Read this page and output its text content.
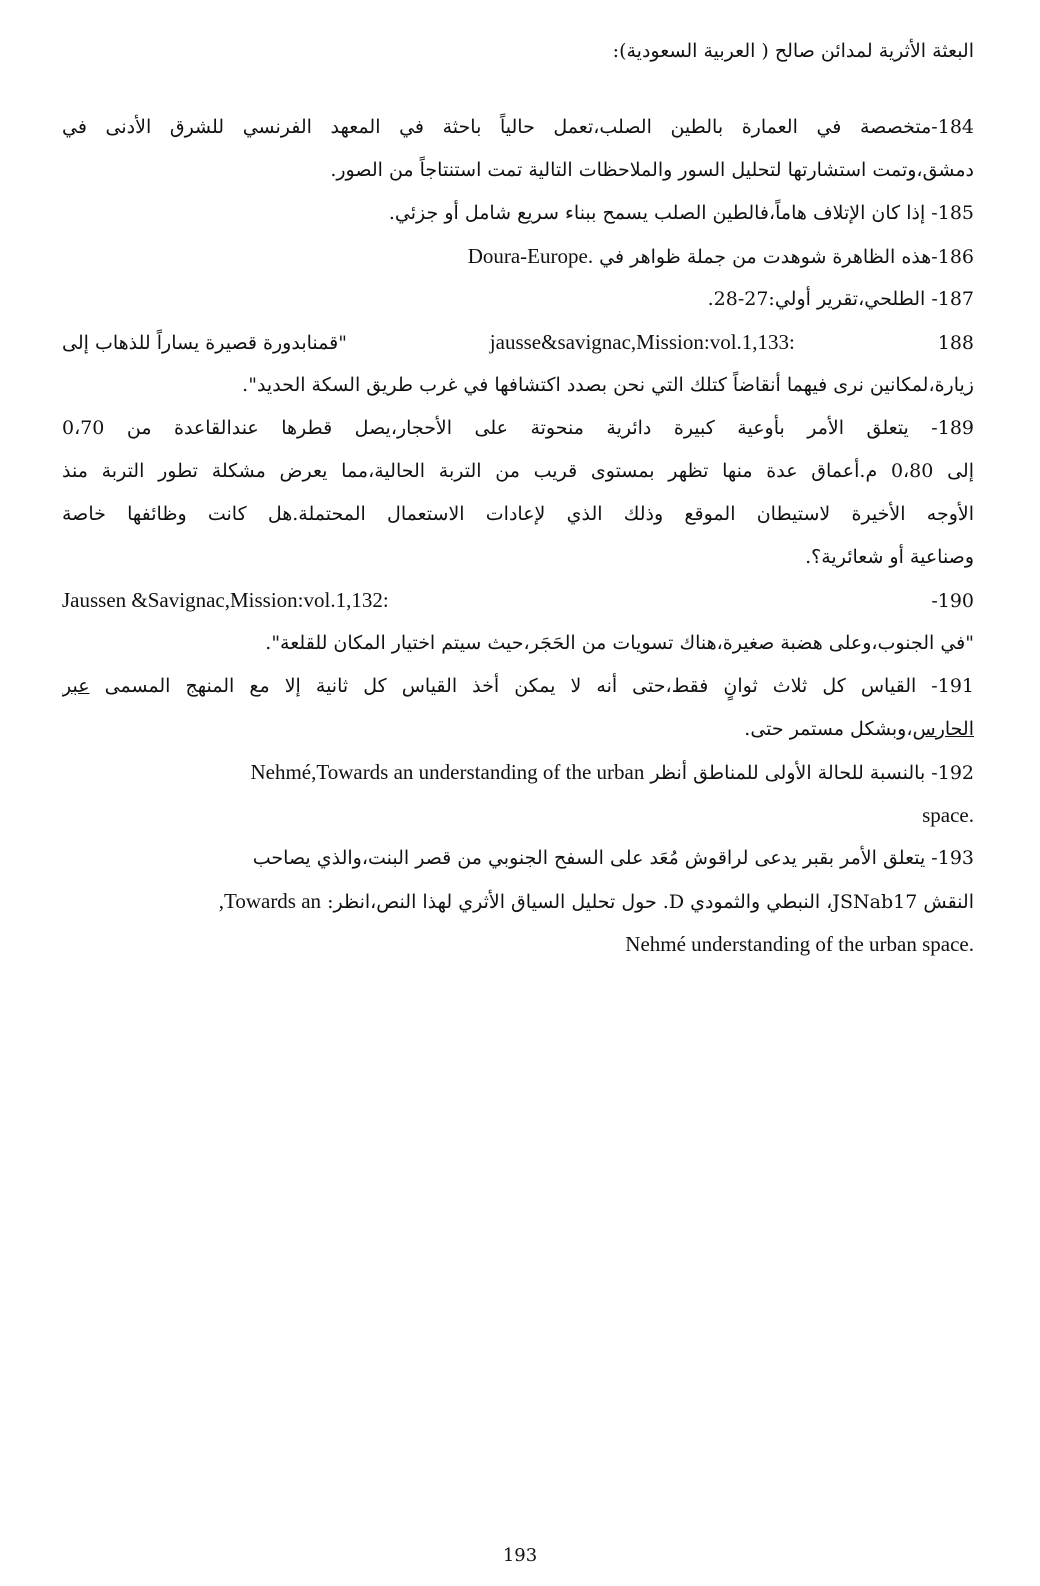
البعثة الأثرية لمدائن صالح ( العربية السعودية):
184-متخصصة في العمارة بالطين الصلب،تعمل حالياً باحثة في المعهد الفرنسي للشرق الأدنى في
دمشق،وتمت استشارتها لتحليل السور والملاحظات التالية تمت استنتاجاً من الصور.
185- إذا كان الإتلاف هاماً،فالطين الصلب يسمح ببناء سريع شامل أو جزئي.
186-هذه الظاهرة شوهدت من جملة ظواهر في Doura-Europe.
187- الطلحي،تقرير أولي:27-28.
188
jausse&savignac,Mission:vol.1,133:
"قمنابدورة قصيرة يساراً للذهاب إلى
زيارة،لمكانين نرى فيهما أنقاضاً كتلك التي نحن بصدد اكتشافها في غرب طريق السكة الحديد".
189- يتعلق الأمر بأوعية كبيرة دائرية منحوتة على الأحجار،يصل قطرها عندالقاعدة من 0،70
إلى 0،80 م.أعماق عدة منها تظهر بمستوى قريب من التربة الحالية،مما يعرض مشكلة تطور التربة منذ
الأوجه الأخيرة لاستيطان الموقع وذلك الذي لإعادات الاستعمال المحتملة.هل كانت وظائفها خاصة
وصناعية أو شعائرية؟.
190-
Jaussen &Savignac,Mission:vol.1,132:
"في الجنوب،وعلى هضبة صغيرة،هناك تسويات من الحَجَر،حيث سيتم اختيار المكان للقلعة".
191- القياس كل ثلاث ثوانٍ فقط،حتى أنه لا يمكن أخذ القياس كل ثانية إلا مع المنهج المسمى عبر
الحارس،وبشكل مستمر حتى.
192- بالنسبة للحالة الأولى للمناطق أنظر Nehmé,Towards an understanding of the urban
space.
193- يتعلق الأمر بقبر يدعى لراقوش مُعَد على السفح الجنوبي من قصر البنت،والذي يصاحب
النقش JSNab17، النبطي والثمودي D. حول تحليل السياق الأثري لهذا النص،انظر: ,Towards an
Nehmé understanding of the urban space.
193
